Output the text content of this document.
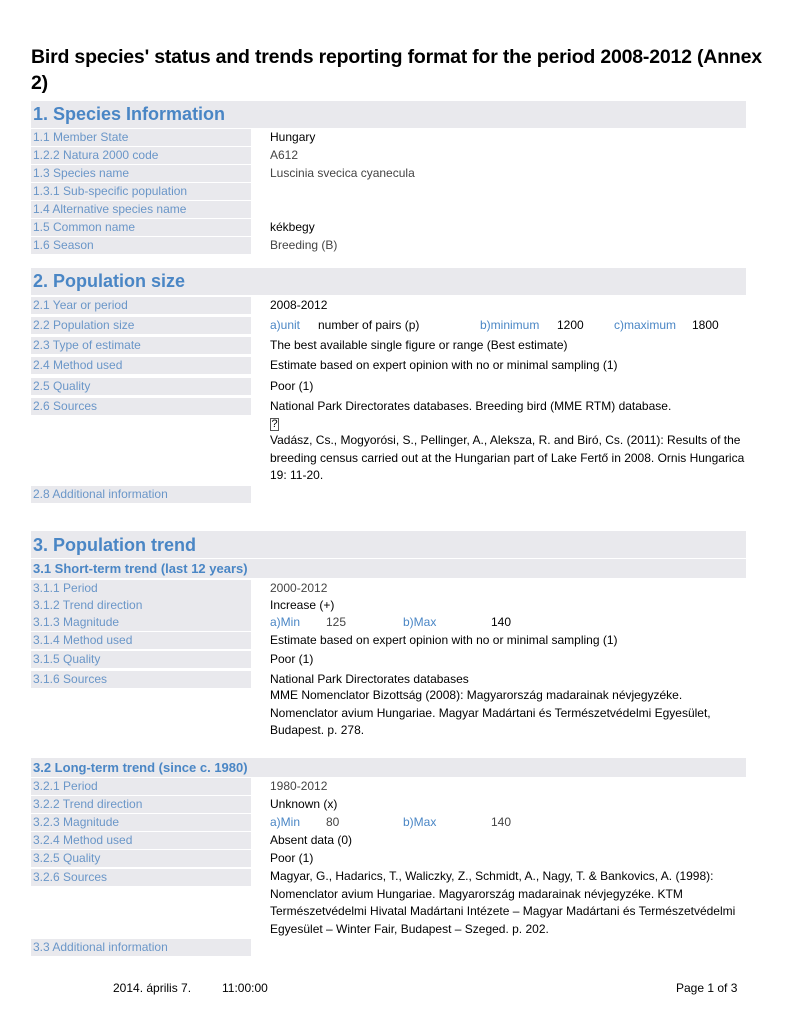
Bird species' status and trends reporting format for the period 2008-2012 (Annex 2)
1. Species Information
1.1 Member State	Hungary
1.2.2 Natura 2000 code	A612
1.3 Species name	Luscinia svecica cyanecula
1.3.1 Sub-specific population
1.4 Alternative species name
1.5 Common name	kékbegy
1.6 Season	Breeding (B)
2. Population size
2.1 Year or period	2008-2012
2.2 Population size	a)unit number of pairs (p)	b)minimum 1200	c)maximum 1800
2.3 Type of estimate	The best available single figure or range (Best estimate)
2.4 Method used	Estimate based on expert opinion with no or minimal sampling (1)
2.5 Quality	Poor (1)
2.6 Sources	National Park Directorates databases. Breeding bird (MME RTM) database.
?
Vadász, Cs., Mogyorósi, S., Pellinger, A., Aleksza, R. and Biró, Cs. (2011): Results of the breeding census carried out at the Hungarian part of Lake Fertő in 2008. Ornis Hungarica 19: 11-20.
2.8 Additional information
3. Population trend
3.1 Short-term trend (last 12 years)
3.1.1 Period	2000-2012
3.1.2 Trend direction	Increase (+)
3.1.3 Magnitude	a)Min 125	b)Max	140
3.1.4 Method used	Estimate based on expert opinion with no or minimal sampling (1)
3.1.5 Quality	Poor (1)
3.1.6 Sources	National Park Directorates databases
MME Nomenclator Bizottság (2008): Magyarország madarainak névjegyzéke. Nomenclator avium Hungariae. Magyar Madártani és Természetvédelmi Egyesület, Budapest. p. 278.
3.2 Long-term trend (since c. 1980)
3.2.1 Period	1980-2012
3.2.2 Trend direction	Unknown (x)
3.2.3 Magnitude	a)Min 80	b)Max	140
3.2.4 Method used	Absent data (0)
3.2.5 Quality	Poor (1)
3.2.6 Sources	Magyar, G., Hadarics, T., Waliczky, Z., Schmidt, A., Nagy, T. & Bankovics, A. (1998): Nomenclator avium Hungariae. Magyarország madarainak névjegyzéke. KTM Természetvédelmi Hivatal Madártani Intézete – Magyar Madártani és Természetvédelmi Egyesület – Winter Fair, Budapest – Szeged. p. 202.
3.3 Additional information
2014. április 7.	11:00:00	Page 1 of 3
